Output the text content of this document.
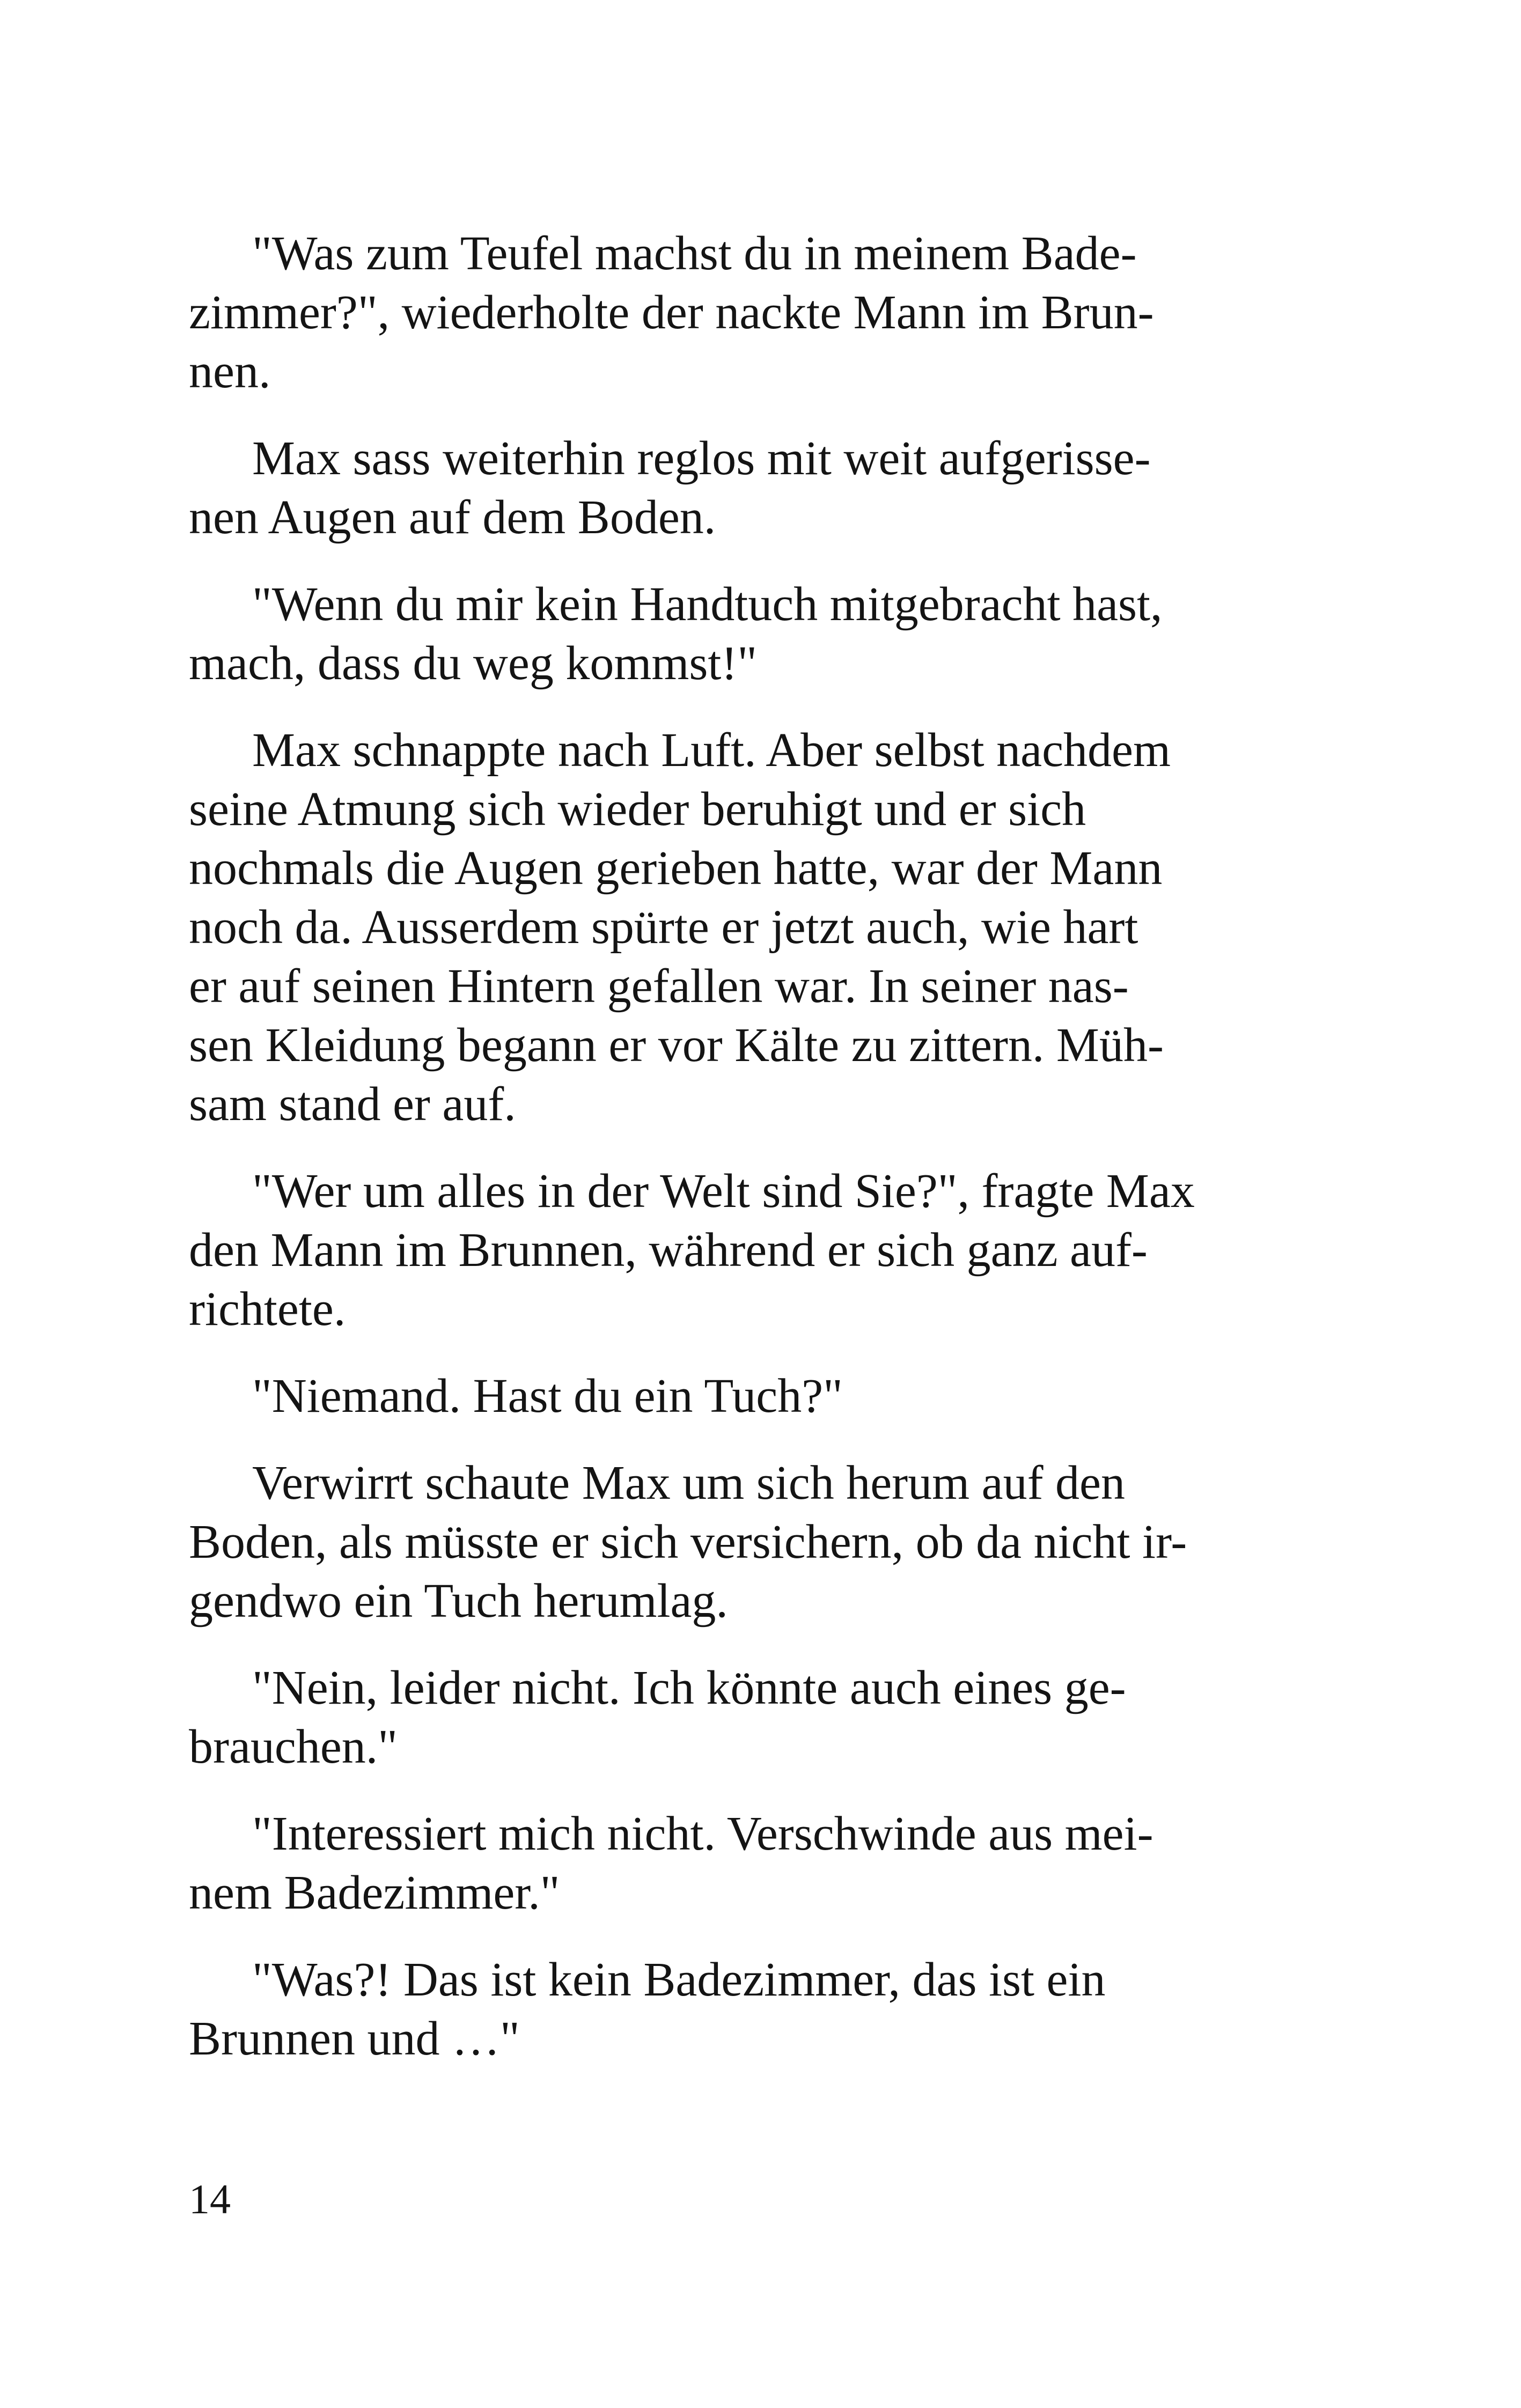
"Was zum Teufel machst du in meinem Bade-
zimmer?", wiederholte der nackte Mann im Brun-
nen.
Max sass weiterhin reglos mit weit aufgerisse-
nen Augen auf dem Boden.
"Wenn du mir kein Handtuch mitgebracht hast,
mach, dass du weg kommst!"
Max schnappte nach Luft. Aber selbst nachdem
seine Atmung sich wieder beruhigt und er sich
nochmals die Augen gerieben hatte, war der Mann
noch da. Ausserdem spürte er jetzt auch, wie hart
er auf seinen Hintern gefallen war. In seiner nas-
sen Kleidung begann er vor Kälte zu zittern. Müh-
sam stand er auf.
"Wer um alles in der Welt sind Sie?", fragte Max
den Mann im Brunnen, während er sich ganz auf-
richtete.
"Niemand. Hast du ein Tuch?"
Verwirrt schaute Max um sich herum auf den
Boden, als müsste er sich versichern, ob da nicht ir-
gendwo ein Tuch herumlag.
"Nein, leider nicht. Ich könnte auch eines ge-
brauchen."
"Interessiert mich nicht. Verschwinde aus mei-
nem Badezimmer."
"Was?! Das ist kein Badezimmer, das ist ein
Brunnen und …"
14
